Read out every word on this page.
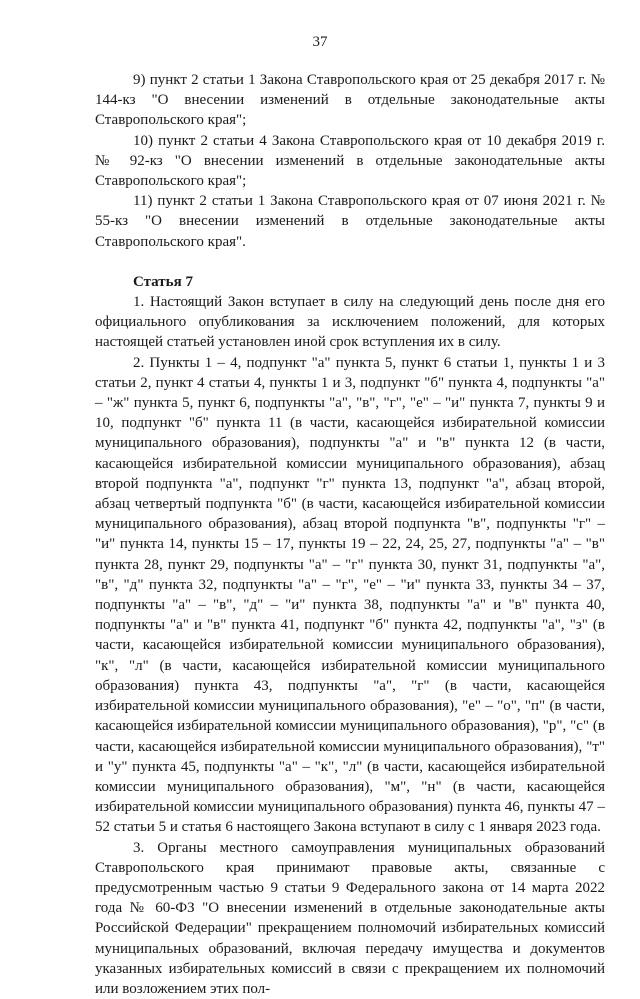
37

9) пункт 2 статьи 1 Закона Ставропольского края от 25 декабря 2017 г. № 144-кз "О внесении изменений в отдельные законодательные акты Ставропольского края";

10) пункт 2 статьи 4 Закона Ставропольского края от 10 декабря 2019 г. № 92-кз "О внесении изменений в отдельные законодательные акты Ставропольского края";

11) пункт 2 статьи 1 Закона Ставропольского края от 07 июня 2021 г. № 55-кз "О внесении изменений в отдельные законодательные акты Ставропольского края".

Статья 7

1. Настоящий Закон вступает в силу на следующий день после дня его официального опубликования за исключением положений, для которых настоящей статьей установлен иной срок вступления их в силу.

2. Пункты 1 – 4, подпункт "а" пункта 5, пункт 6 статьи 1, пункты 1 и 3 статьи 2, пункт 4 статьи 4, пункты 1 и 3, подпункт "б" пункта 4, подпункты "а" – "ж" пункта 5, пункт 6, подпункты "а", "в", "г", "е" – "и" пункта 7, пункты 9 и 10, подпункт "б" пункта 11 (в части, касающейся избирательной комиссии муниципального образования), подпункты "а" и "в" пункта 12 (в части, касающейся избирательной комиссии муниципального образования), абзац второй подпункта "а", подпункт "г" пункта 13, подпункт "а", абзац второй, абзац четвертый подпункта "б" (в части, касающейся избирательной комиссии муниципального образования), абзац второй подпункта "в", подпункты "г" – "и" пункта 14, пункты 15 – 17, пункты 19 – 22, 24, 25, 27, подпункты "а" – "в" пункта 28, пункт 29, подпункты "а" – "г" пункта 30, пункт 31, подпункты "а", "в", "д" пункта 32, подпункты "а" – "г", "е" – "и" пункта 33, пункты 34 – 37, подпункты "а" – "в", "д" – "и" пункта 38, подпункты "а" и "в" пункта 40, подпункты "а" и "в" пункта 41, подпункт "б" пункта 42, подпункты "а", "з" (в части, касающейся избирательной комиссии муниципального образования), "к", "л" (в части, касающейся избирательной комиссии муниципального образования) пункта 43, подпункты "а", "г" (в части, касающейся избирательной комиссии муниципального образования), "е" – "о", "п" (в части, касающейся избирательной комиссии муниципального образования), "р", "с" (в части, касающейся избирательной комиссии муниципального образования), "т" и "у" пункта 45, подпункты "а" – "к", "л" (в части, касающейся избирательной комиссии муниципального образования), "м", "н" (в части, касающейся избирательной комиссии муниципального образования) пункта 46, пункты 47 – 52 статьи 5 и статья 6 настоящего Закона вступают в силу с 1 января 2023 года.

3. Органы местного самоуправления муниципальных образований Ставропольского края принимают правовые акты, связанные с предусмотренным частью 9 статьи 9 Федерального закона от 14 марта 2022 года № 60-ФЗ "О внесении изменений в отдельные законодательные акты Российской Федерации" прекращением полномочий избирательных комиссий муниципальных образований, включая передачу имущества и документов указанных избирательных комиссий в связи с прекращением их полномочий или возложением этих пол-
